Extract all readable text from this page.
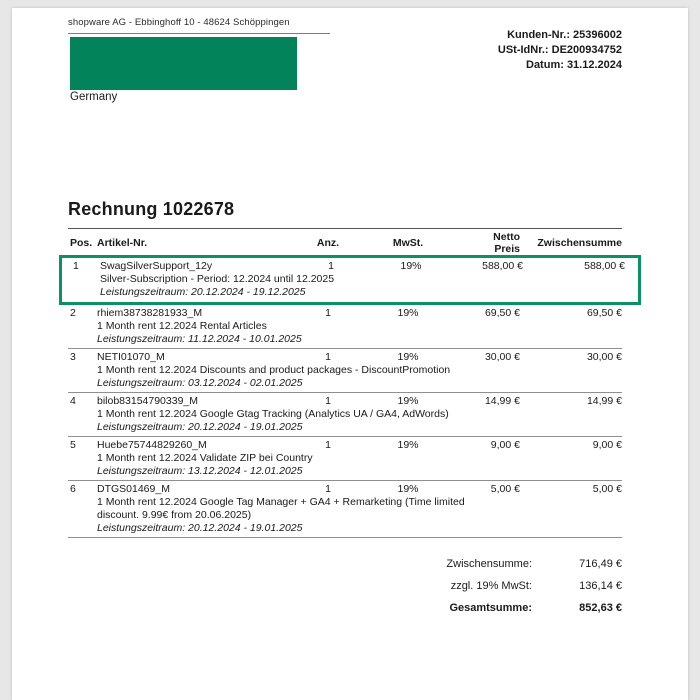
shopware AG - Ebbinghoff 10 - 48624 Schöppingen
Germany
Kunden-Nr.: 25396002
USt-IdNr.: DE200934752
Datum: 31.12.2024
Rechnung 1022678
Pos. Artikel-Nr.	Anz.	MwSt.	Netto Preis	Zwischensumme
1	SwagSilverSupport_12y	1	19%	588,00 €	588,00 €
Silver-Subscription - Period: 12.2024 until 12.2025
Leistungszeitraum: 20.12.2024 - 19.12.2025
2	rhiem38738281933_M	1	19%	69,50 €	69,50 €
1 Month rent 12.2024 Rental Articles
Leistungszeitraum: 11.12.2024 - 10.01.2025
3	NETI01070_M	1	19%	30,00 €	30,00 €
1 Month rent 12.2024 Discounts and product packages - DiscountPromotion
Leistungszeitraum: 03.12.2024 - 02.01.2025
4	bilob83154790339_M	1	19%	14,99 €	14,99 €
1 Month rent 12.2024 Google Gtag Tracking (Analytics UA / GA4, AdWords)
Leistungszeitraum: 20.12.2024 - 19.01.2025
5	Huebe75744829260_M	1	19%	9,00 €	9,00 €
1 Month rent 12.2024 Validate ZIP bei Country
Leistungszeitraum: 13.12.2024 - 12.01.2025
6	DTGS01469_M	1	19%	5,00 €	5,00 €
1 Month rent 12.2024 Google Tag Manager + GA4 + Remarketing (Time limited discount. 9.99€ from 20.06.2025)
Leistungszeitraum: 20.12.2024 - 19.01.2025
Zwischensumme:	716,49 €
zzgl. 19% MwSt:	136,14 €
Gesamtsumme:	852,63 €
